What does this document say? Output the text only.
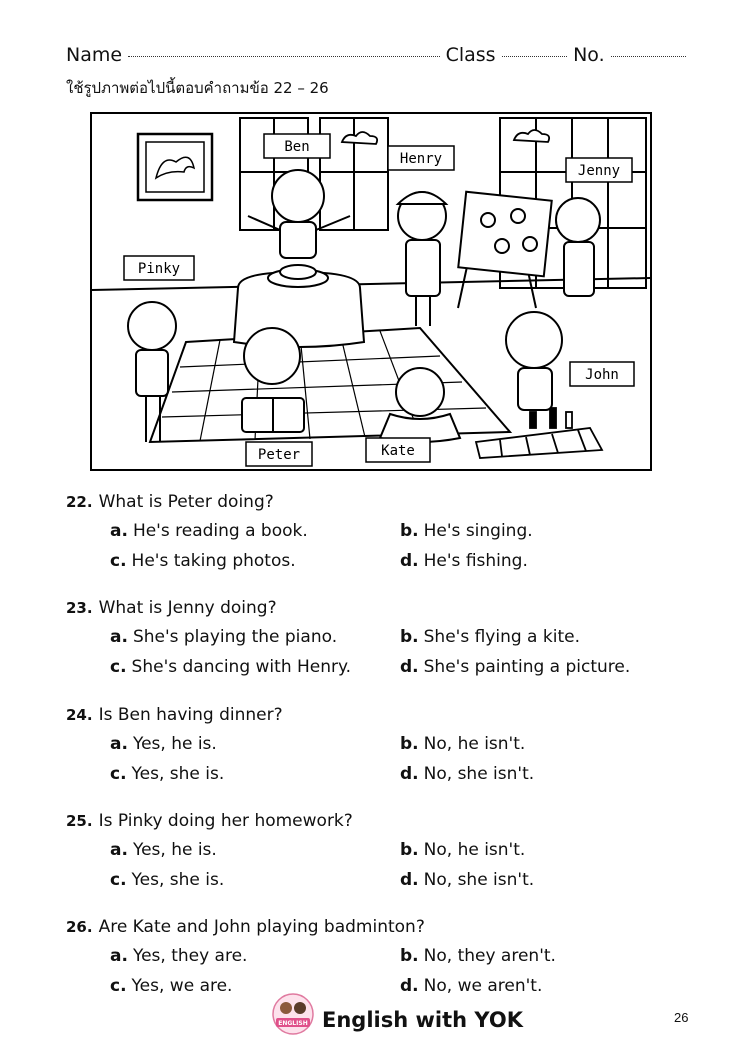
Name	Class	No.
ใช้รูปภาพต่อไปนี้ตอบคำถามข้อ 22 – 26
Ben
Henry
Jenny
Pinky
John
Peter	Kate
22. What is Peter doing?
a. He's reading a book.	b. He's singing.
c. He's taking photos.	d. He's fishing.
23. What is Jenny doing?
a. She's playing the piano.	b. She's flying a kite.
c. She's dancing with Henry.	d. She's painting a picture.
24. Is Ben having dinner?
a. Yes, he is.	b. No, he isn't.
c. Yes, she is.	d. No, she isn't.
25. Is Pinky doing her homework?
a. Yes, he is.	b. No, he isn't.
c. Yes, she is.	d. No, she isn't.
26. Are Kate and John playing badminton?
a. Yes, they are.	b. No, they aren't.
c. Yes, we are.	d. No, we aren't.
ENGLISH English with YOK	26
